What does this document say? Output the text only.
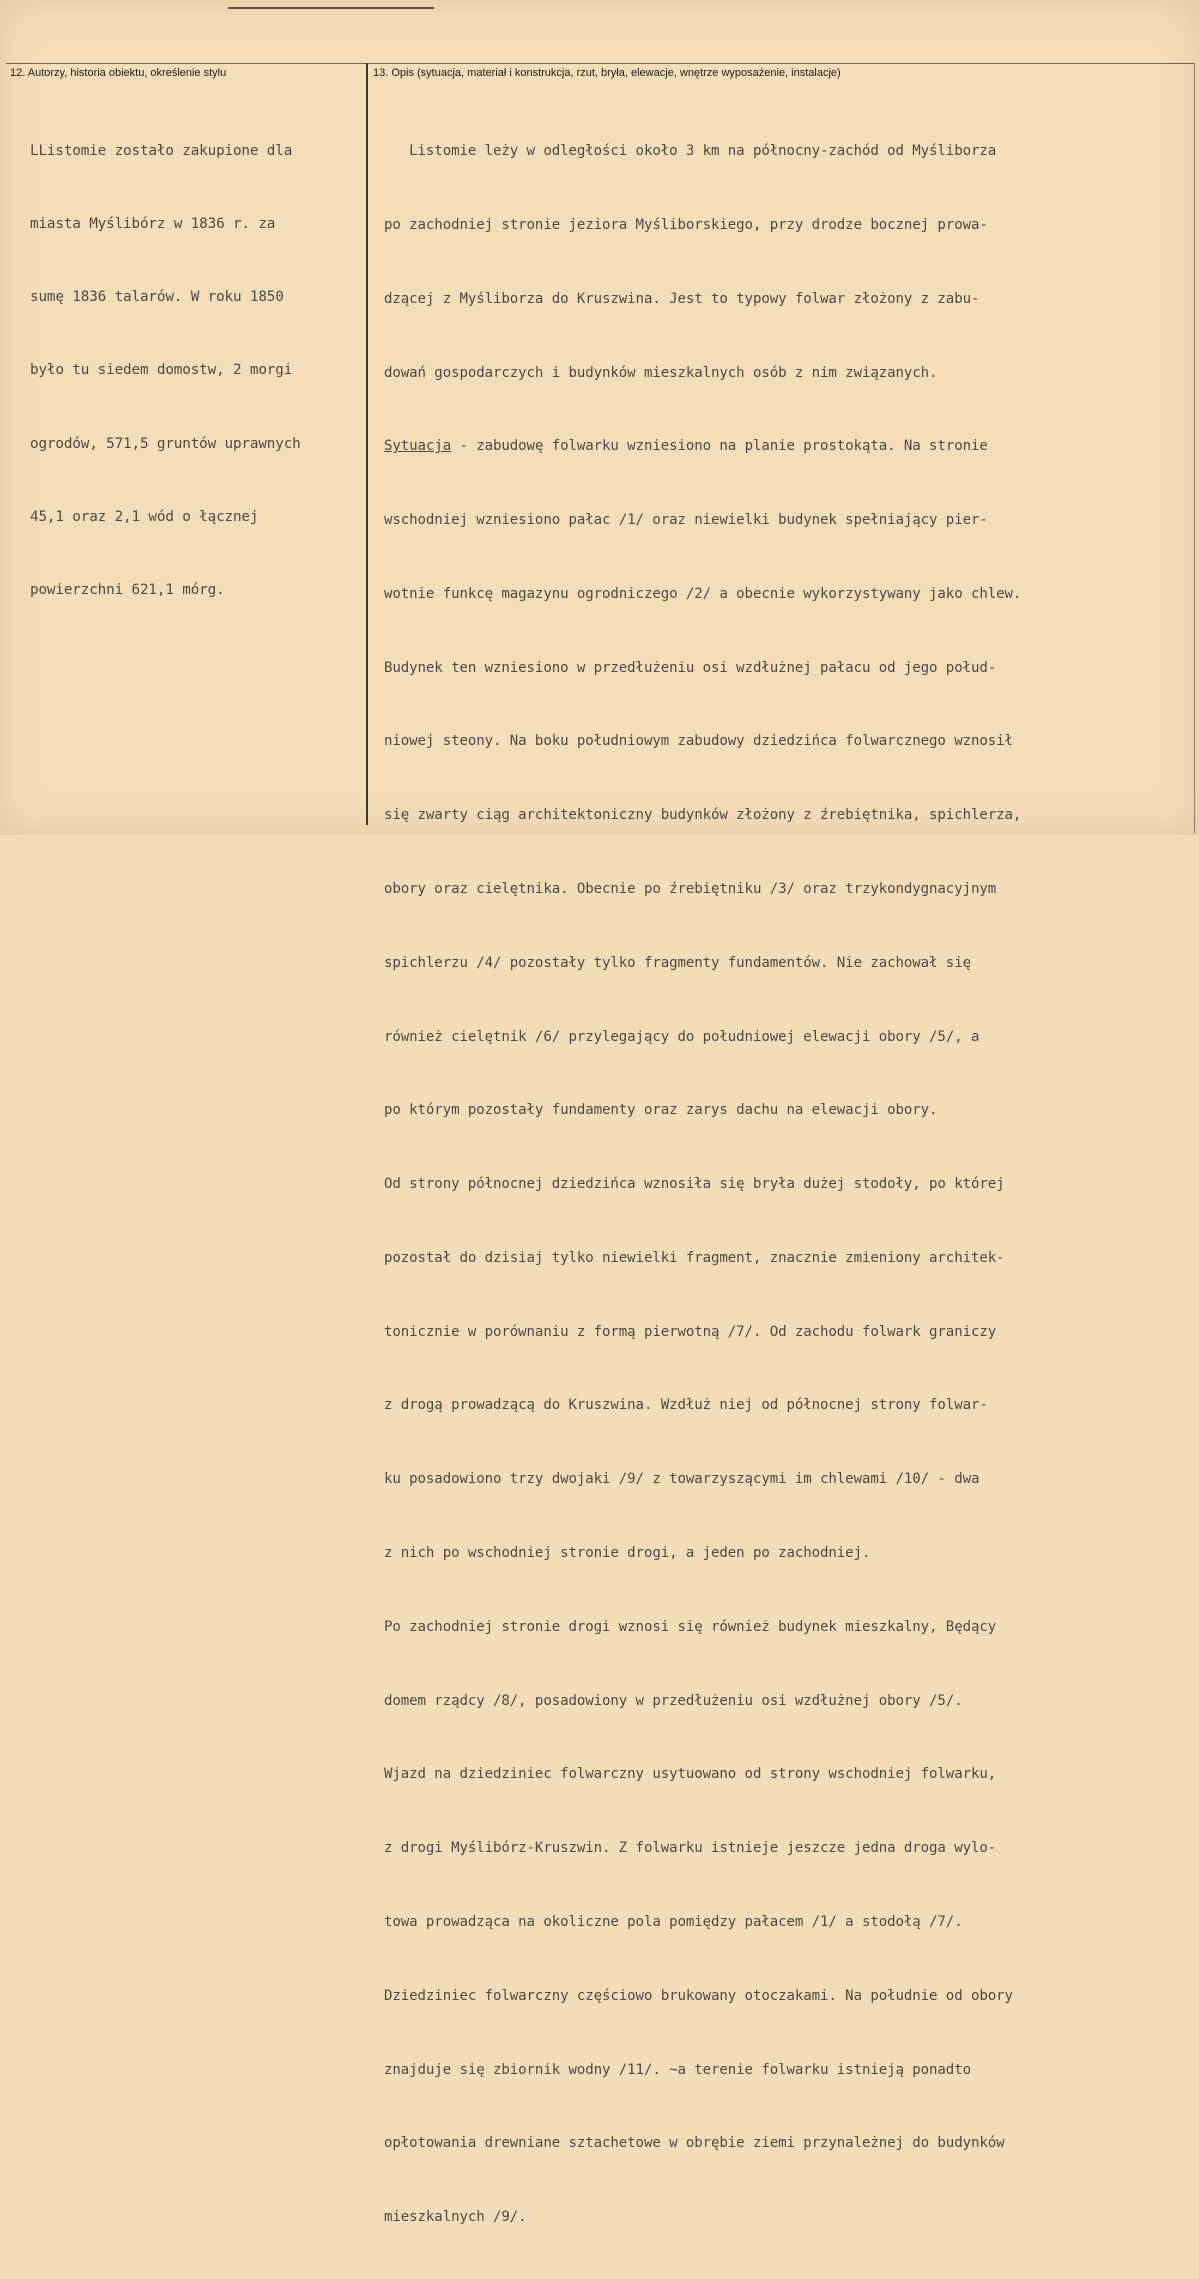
12. Autorzy, historia obiektu, określenie stylu	13. Opis (sytuacja, materiał i konstrukcja, rzut, bryła, elewacje, wnętrze wyposażenie, instalacje)

LListomie zostało zakupione dla

miasta Myślibórz w 1836 r. za

sumę 1836 talarów. W roku 1850

było tu siedem domostw, 2 morgi

ogrodów, 571,5 gruntów uprawnych

45,1 oraz 2,1 wód o łącznej

powierzchni 621,1 mórg.

Listomie leży w odległości około 3 km na północny-zachód od Myśliborza

po zachodniej stronie jeziora Myśliborskiego, przy drodze bocznej prowa-

dzącej z Myśliborza do Kruszwina. Jest to typowy folwar złożony z zabu-

dowań gospodarczych i budynków mieszkalnych osób z nim związanych.

Sytuacja - zabudowę folwarku wzniesiono na planie prostokąta. Na stronie

wschodniej wzniesiono pałac /1/ oraz niewielki budynek spełniający pier-

wotnie funkcę magazynu ogrodniczego /2/ a obecnie wykorzystywany jako chlew.

Budynek ten wzniesiono w przedłużeniu osi wzdłużnej pałacu od jego połud-

niowej steony. Na boku południowym zabudowy dziedzińca folwarcznego wznosił

się zwarty ciąg architektoniczny budynków złożony z źrebiętnika, spichlerza,

obory oraz cielętnika. Obecnie po źrebiętniku /3/ oraz trzykondygnacyjnym

spichlerzu /4/ pozostały tylko fragmenty fundamentów. Nie zachował się

również cielętnik /6/ przylegający do południowej elewacji obory /5/, a

po którym pozostały fundamenty oraz zarys dachu na elewacji obory.

Od strony północnej dziedzińca wznosiła się bryła dużej stodoły, po której

pozostał do dzisiaj tylko niewielki fragment, znacznie zmieniony architek-

tonicznie w porównaniu z formą pierwotną /7/. Od zachodu folwark graniczy

z drogą prowadzącą do Kruszwina. Wzdłuż niej od północnej strony folwar-

ku posadowiono trzy dwojaki /9/ z towarzyszącymi im chlewami /10/ - dwa

z nich po wschodniej stronie drogi, a jeden po zachodniej.

Po zachodniej stronie drogi wznosi się również budynek mieszkalny, Będący

domem rządcy /8/, posadowiony w przedłużeniu osi wzdłużnej obory /5/.

Wjazd na dziedziniec folwarczny usytuowano od strony wschodniej folwarku,

z drogi Myślibórz-Kruszwin. Z folwarku istnieje jeszcze jedna droga wylo-

towa prowadząca na okoliczne pola pomiędzy pałacem /1/ a stodołą /7/.

Dziedziniec folwarczny częściowo brukowany otoczakami. Na południe od obory

znajduje się zbiornik wodny /11/. ~a terenie folwarku istnieją ponadto

opłotowania drewniane sztachetowe w obrębie ziemi przynależnej do budynków

mieszkalnych /9/.
